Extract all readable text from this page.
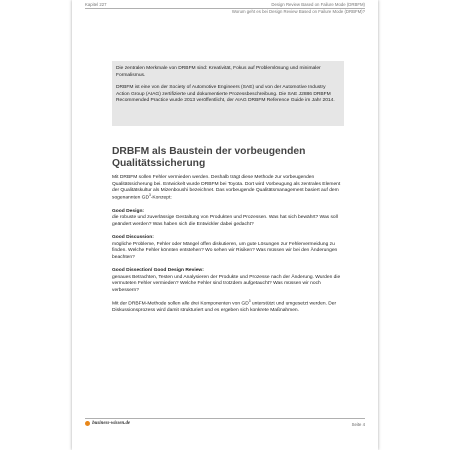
Kapitel 227	Design Review Based on Failure Mode (DRBFM)
Worum geht es bei Design Review Based on Failure Mode (DRBFM)?

Die zentralen Merkmale von DRBFM sind: Kreativität, Fokus auf Problemlösung und minimaler Formalismus.

DRBFM ist eine von der Society of Automotive Engineers (SAE) und von der Automotive Industry Action Group (AIAG) zertifizierte und dokumentierte Prozessbeschreibung. Die SAE J2886 DRBFM Recommended Practice wurde 2013 veröffentlicht, der AIAG DRBFM Reference Guide im Jahr 2014.

DRBFM als Baustein der vorbeugenden Qualitätssicherung

Mit DRBFM sollen Fehler vermieden werden. Deshalb trägt diese Methode zur vorbeugenden Qualitätssicherung bei. Entwickelt wurde DRBFM bei Toyota. Dort wird Vorbeugung als zentrales Element der Qualitätskultur als Mizenboushi bezeichnet. Das vorbeugende Qualitätsmanagement basiert auf dem sogenannten $GD^3$-Konzept:

Good Design:

die robuste und zuverlässige Gestaltung von Produkten und Prozessen. Was hat sich bewährt? Was soll geändert werden? Was haben sich die Entwickler dabei gedacht?

Good Discussion:

mögliche Probleme, Fehler oder Mängel offen diskutieren, um gute Lösungen zur Fehlervermeidung zu finden. Welche Fehler könnten entstehen? Wo sehen wir Risiken? Was müssen wir bei den Änderungen beachten?

Good Dissection/ Good Design Review:

genaues Betrachten, Testen und Analysieren der Produkte und Prozesse nach der Änderung. Wurden die vermuteten Fehler vermieden? Welche Fehler sind trotzdem aufgetaucht? Was müssen wir noch verbessern?

Mit der DRBFM-Methode sollen alle drei Komponenten von $GD^3$ unterstützt und umgesetzt werden. Der Diskussionsprozess wird damit strukturiert und es ergeben sich konkrete Maßnahmen.

business-wissen.de	Seite 4
